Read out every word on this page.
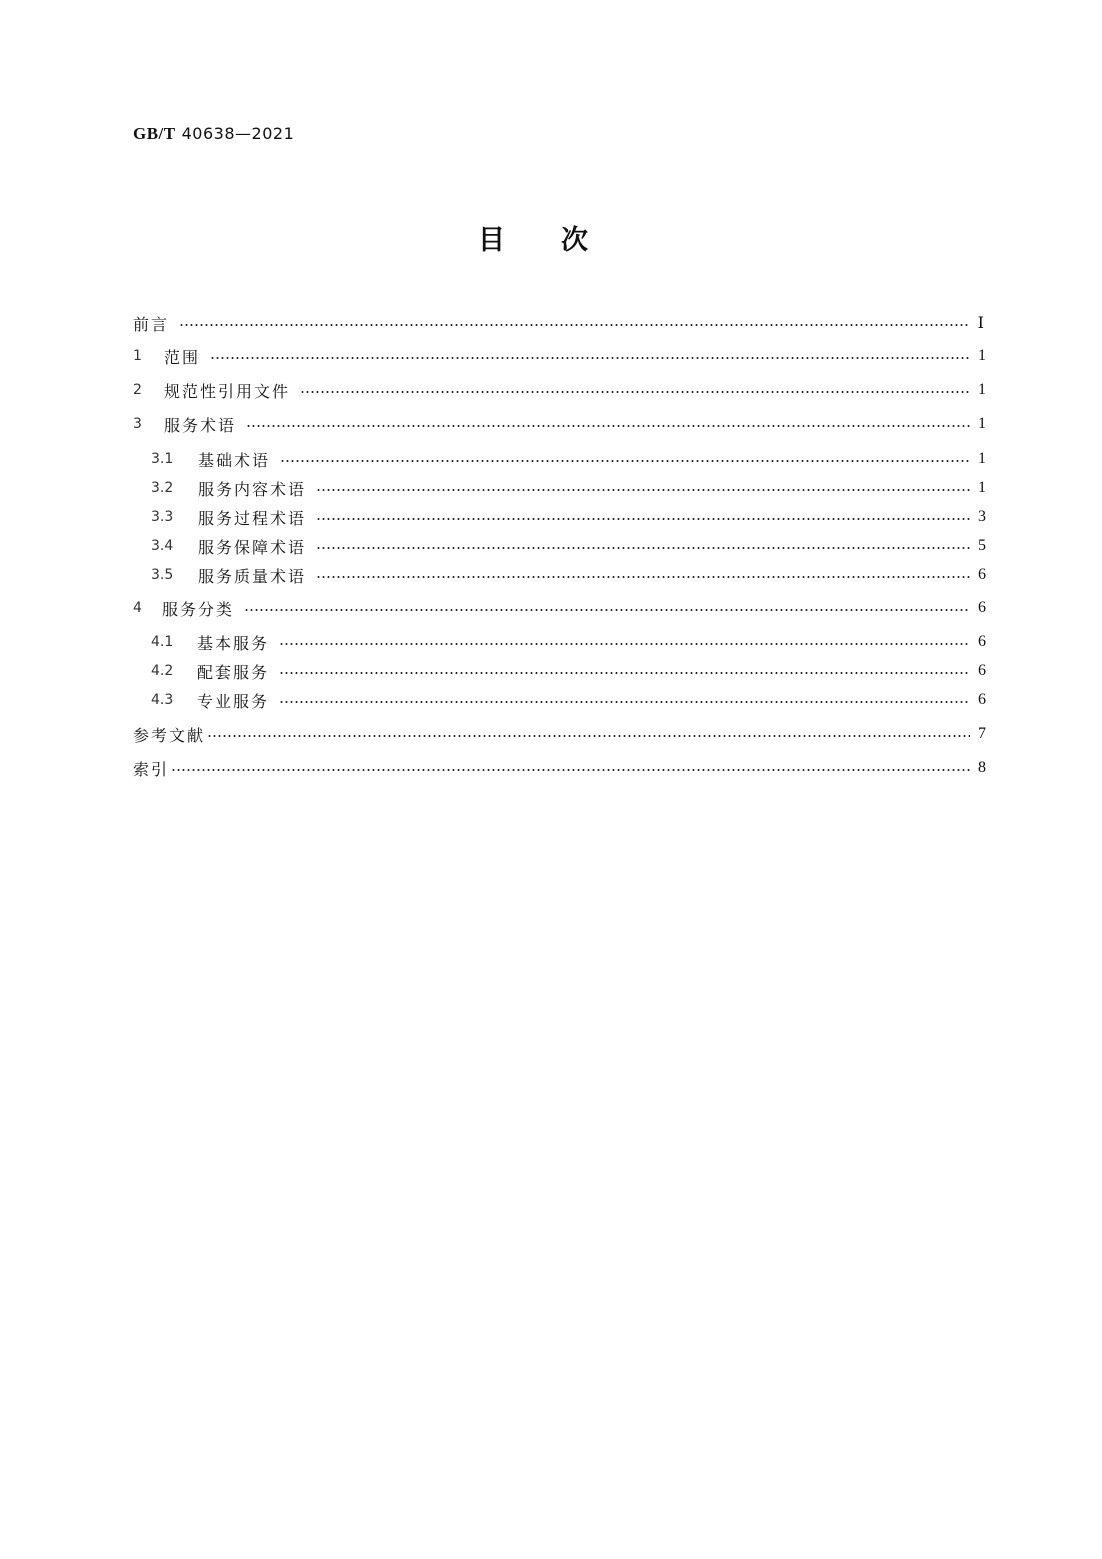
GB/T 40638—2021
目次
前言	Ⅰ
1	范围	1
2	规范性引用文件	1
3	服务术语	1
3.1	基础术语	1
3.2	服务内容术语	1
3.3	服务过程术语	3
3.4	服务保障术语	5
3.5	服务质量术语	6
4	服务分类	6
4.1	基本服务	6
4.2	配套服务	6
4.3	专业服务	6
参考文献	7
索引	8
